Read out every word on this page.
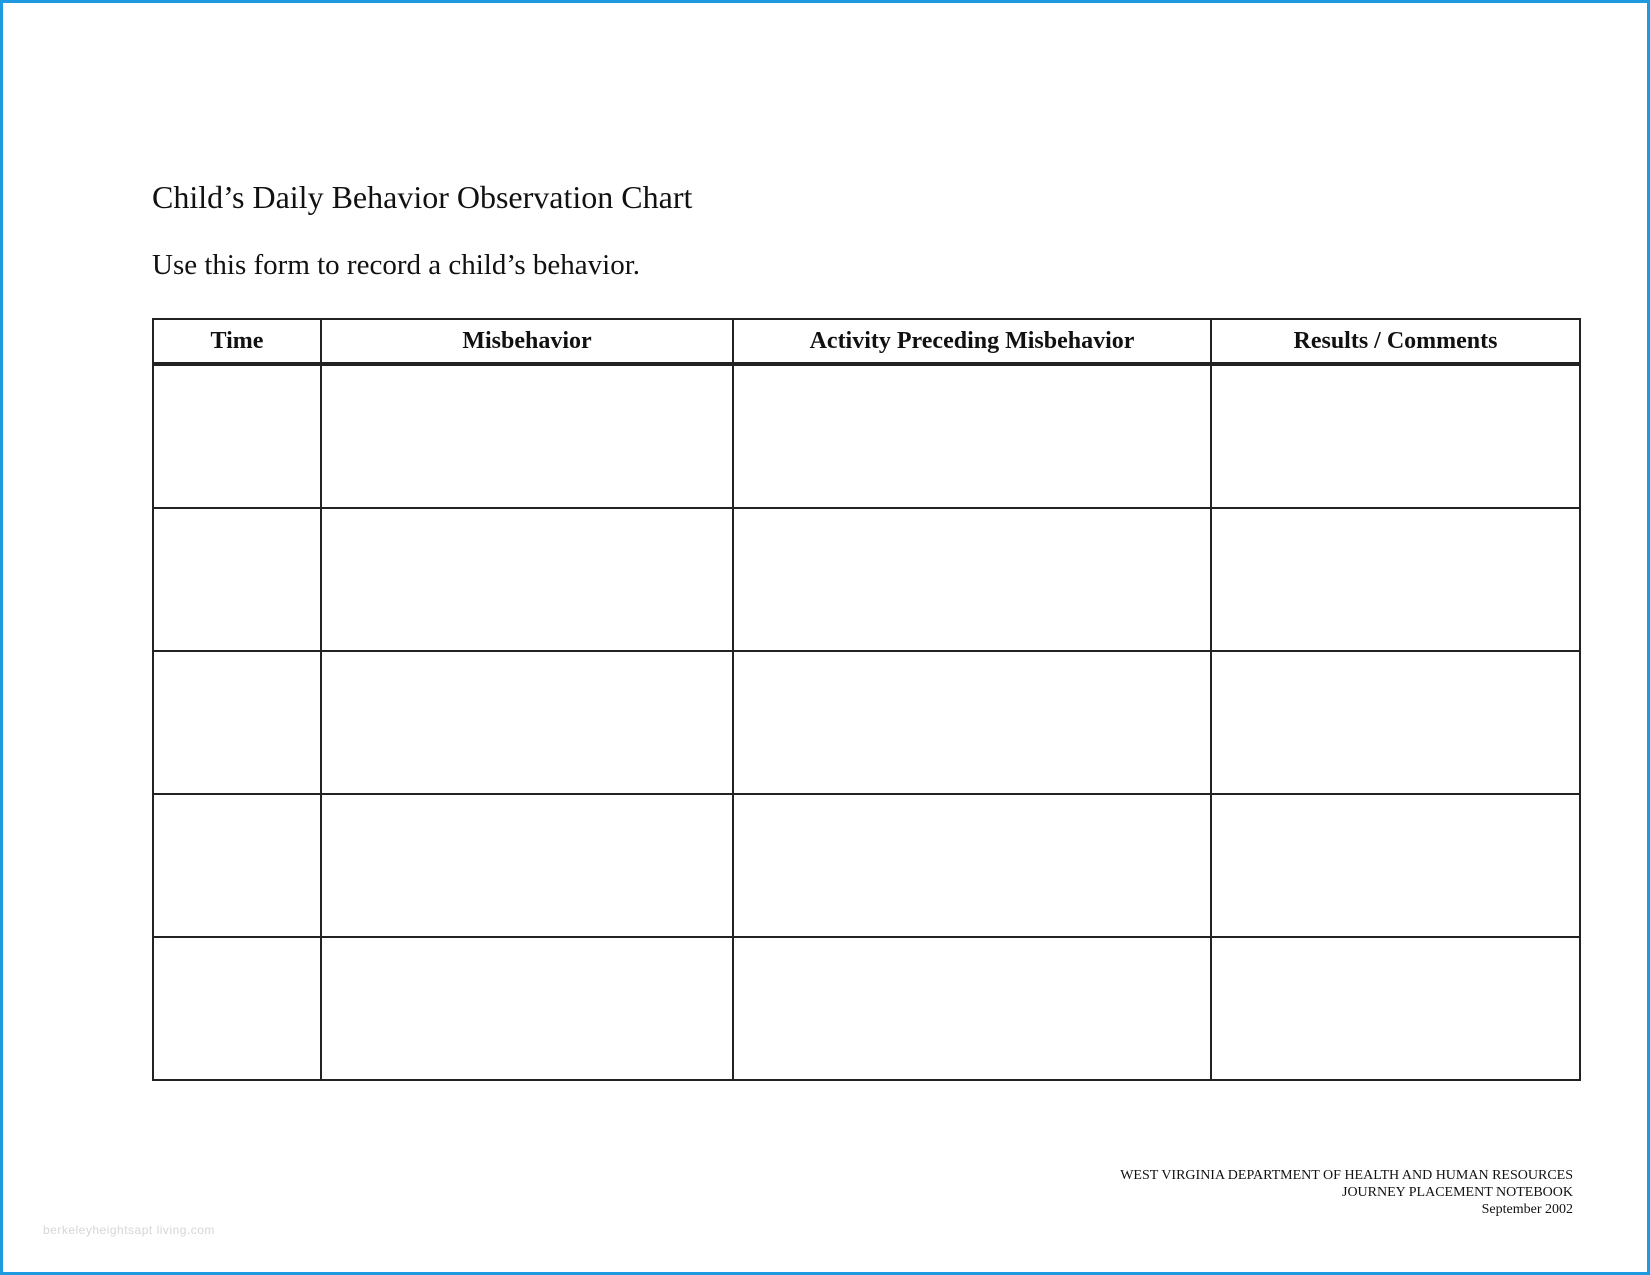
Child’s Daily Behavior Observation Chart
Use this form to record a child’s behavior.
Time	Misbehavior	Activity Preceding Misbehavior	Results / Comments

WEST VIRGINIA DEPARTMENT OF HEALTH AND HUMAN RESOURCES
JOURNEY PLACEMENT NOTEBOOK
September 2002
berkeleyheightsapt living.com
